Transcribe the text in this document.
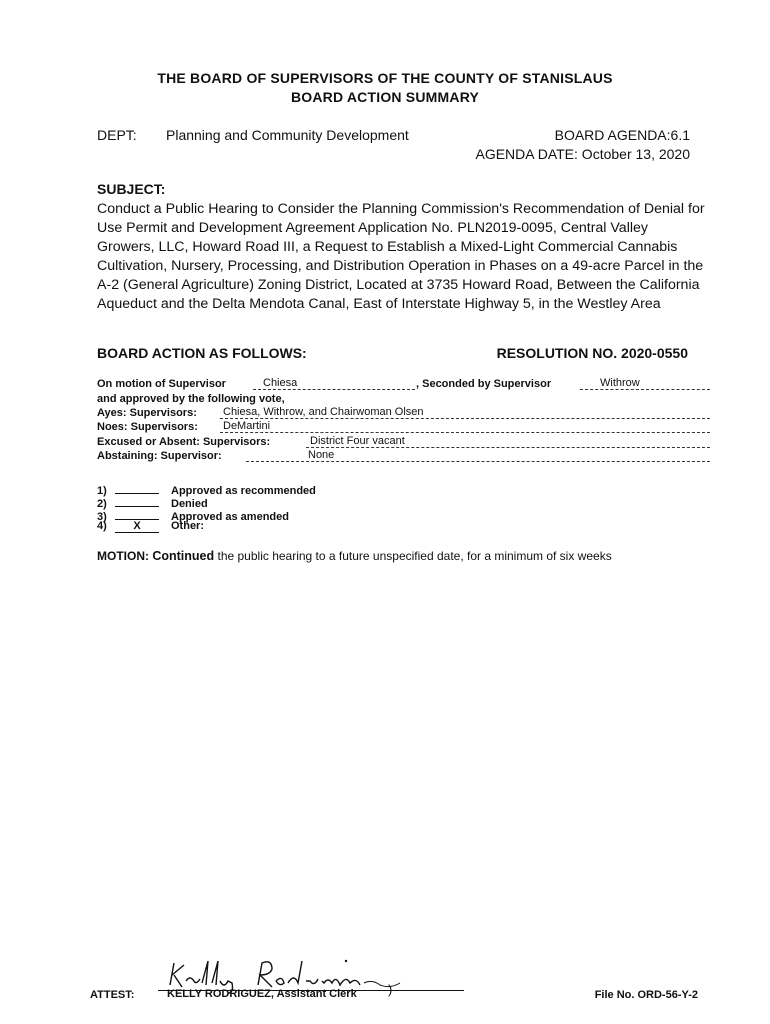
THE BOARD OF SUPERVISORS OF THE COUNTY OF STANISLAUS
BOARD ACTION SUMMARY
DEPT: Planning and Community Development	BOARD AGENDA:6.1
AGENDA DATE: October 13, 2020
SUBJECT:
Conduct a Public Hearing to Consider the Planning Commission's Recommendation of Denial for Use Permit and Development Agreement Application No. PLN2019-0095, Central Valley Growers, LLC, Howard Road III, a Request to Establish a Mixed-Light Commercial Cannabis Cultivation, Nursery, Processing, and Distribution Operation in Phases on a 49-acre Parcel in the A-2 (General Agriculture) Zoning District, Located at 3735 Howard Road, Between the California Aqueduct and the Delta Mendota Canal, East of Interstate Highway 5, in the Westley Area
BOARD ACTION AS FOLLOWS:	RESOLUTION NO. 2020-0550
On motion of Supervisor	Chiesa	, Seconded by Supervisor	Withrow
and approved by the following vote,
Ayes: Supervisors: Chiesa, Withrow, and Chairwoman Olsen
Noes: Supervisors: DeMartini
Excused or Absent: Supervisors:	District Four vacant
Abstaining: Supervisor:	None
1)	Approved as recommended
2)	Denied
3)	Approved as amended
4) X	Other:
MOTION: Continued the public hearing to a future unspecified date, for a minimum of six weeks
ATTEST:	KELLY RODRIGUEZ, Assistant Clerk )	File No. ORD-56-Y-2
